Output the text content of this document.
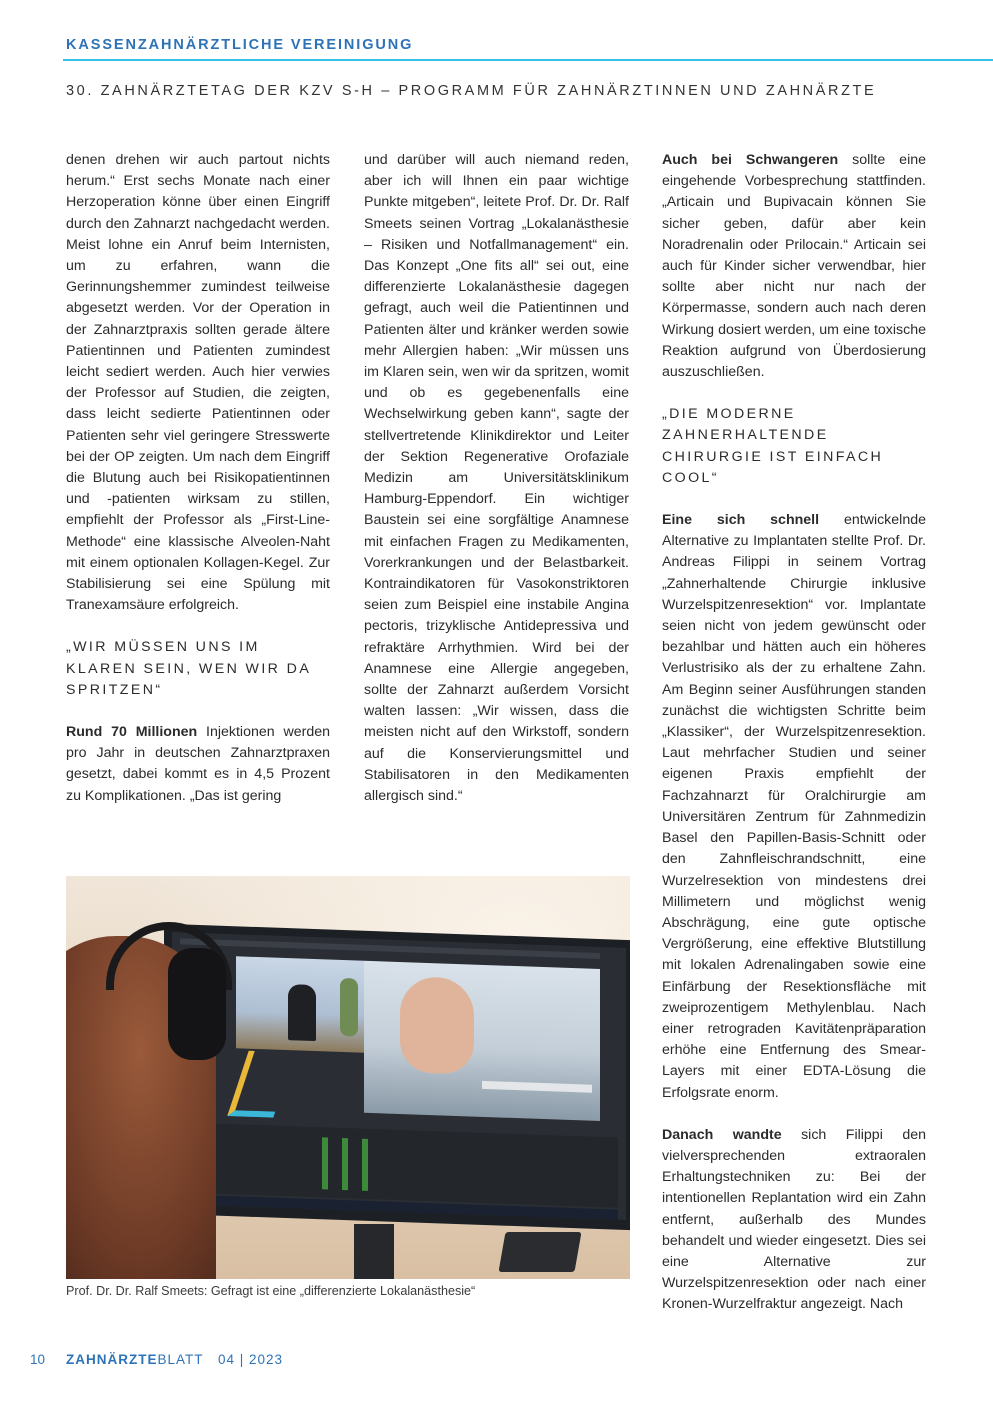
KASSENZAHNÄRZTLICHE VEREINIGUNG
30. ZAHNÄRZTETAG DER KZV S-H – PROGRAMM FÜR ZAHNÄRZTINNEN UND ZAHNÄRZTE

denen drehen wir auch partout nichts herum.“ Erst sechs Monate nach einer Herzoperation könne über einen Eingriff durch den Zahnarzt nachgedacht werden. Meist lohne ein Anruf beim Internisten, um zu erfahren, wann die Gerinnungshemmer zumindest teilweise abgesetzt werden. Vor der Operation in der Zahnarztpraxis sollten gerade ältere Patientinnen und Patienten zumindest leicht sediert werden. Auch hier verwies der Professor auf Studien, die zeigten, dass leicht sedierte Patientinnen oder Patienten sehr viel geringere Stresswerte bei der OP zeigten. Um nach dem Eingriff die Blutung auch bei Risikopatientinnen und -patienten wirksam zu stillen, empfiehlt der Professor als „First-Line-Methode“ eine klassische Alveolen-Naht mit einem optionalen Kollagen-Kegel. Zur Stabilisierung sei eine Spülung mit Tranexamsäure erfolgreich.

„WIR MÜSSEN UNS IM KLAREN SEIN, WEN WIR DA SPRITZEN“

Rund 70 Millionen Injektionen werden pro Jahr in deutschen Zahnarztpraxen gesetzt, dabei kommt es in 4,5 Prozent zu Komplikationen. „Das ist gering

und darüber will auch niemand reden, aber ich will Ihnen ein paar wichtige Punkte mitgeben“, leitete Prof. Dr. Dr. Ralf Smeets seinen Vortrag „Lokalanästhesie – Risiken und Notfallmanagement“ ein. Das Konzept „One fits all“ sei out, eine differenzierte Lokalanästhesie dagegen gefragt, auch weil die Patientinnen und Patienten älter und kränker werden sowie mehr Allergien haben: „Wir müssen uns im Klaren sein, wen wir da spritzen, womit und ob es gegebenenfalls eine Wechselwirkung geben kann“, sagte der stellvertretende Klinikdirektor und Leiter der Sektion Regenerative Orofaziale Medizin am Universitätsklinikum Hamburg-Eppendorf. Ein wichtiger Baustein sei eine sorgfältige Anamnese mit einfachen Fragen zu Medikamenten, Vorerkrankungen und der Belastbarkeit. Kontraindikatoren für Vasokonstriktoren seien zum Beispiel eine instabile Angina pectoris, trizyklische Antidepressiva und refraktäre Arrhythmien. Wird bei der Anamnese eine Allergie angegeben, sollte der Zahnarzt außerdem Vorsicht walten lassen: „Wir wissen, dass die meisten nicht auf den Wirkstoff, sondern auf die Konservierungsmittel und Stabilisatoren in den Medikamenten allergisch sind.“

Auch bei Schwangeren sollte eine eingehende Vorbesprechung stattfinden. „Articain und Bupivacain können Sie sicher geben, dafür aber kein Noradrenalin oder Prilocain.“ Articain sei auch für Kinder sicher verwendbar, hier sollte aber nicht nur nach der Körpermasse, sondern auch nach deren Wirkung dosiert werden, um eine toxische Reaktion aufgrund von Überdosierung auszuschließen.

„DIE MODERNE ZAHNERHALTENDE CHIRURGIE IST EINFACH COOL“

Eine sich schnell entwickelnde Alternative zu Implantaten stellte Prof. Dr. Andreas Filippi in seinem Vortrag „Zahnerhaltende Chirurgie inklusive Wurzelspitzenresektion“ vor. Implantate seien nicht von jedem gewünscht oder bezahlbar und hätten auch ein höheres Verlustrisiko als der zu erhaltene Zahn. Am Beginn seiner Ausführungen standen zunächst die wichtigsten Schritte beim „Klassiker“, der Wurzelspitzenresektion. Laut mehrfacher Studien und seiner eigenen Praxis empfiehlt der Fachzahnarzt für Oralchirurgie am Universitären Zentrum für Zahnmedizin Basel den Papillen-Basis-Schnitt oder den Zahnfleischrandschnitt, eine Wurzelresektion von mindestens drei Millimetern und möglichst wenig Abschrägung, eine gute optische Vergrößerung, eine effektive Blutstillung mit lokalen Adrenalingaben sowie eine Einfärbung der Resektionsfläche mit zweiprozentigem Methylenblau. Nach einer retrograden Kavitätenpräparation erhöhe eine Entfernung des Smear-Layers mit einer EDTA-Lösung die Erfolgsrate enorm.

Danach wandte sich Filippi den vielversprechenden extraoralen Erhaltungstechniken zu: Bei der intentionellen Replantation wird ein Zahn entfernt, außerhalb des Mundes behandelt und wieder eingesetzt. Dies sei eine Alternative zur Wurzelspitzenresektion oder nach einer Kronen-Wurzelfraktur angezeigt. Nach

Prof. Dr. Dr. Ralf Smeets: Gefragt ist eine „differenzierte Lokalanästhesie“
10 ZAHNÄRZTEBLATT 04 | 2023
